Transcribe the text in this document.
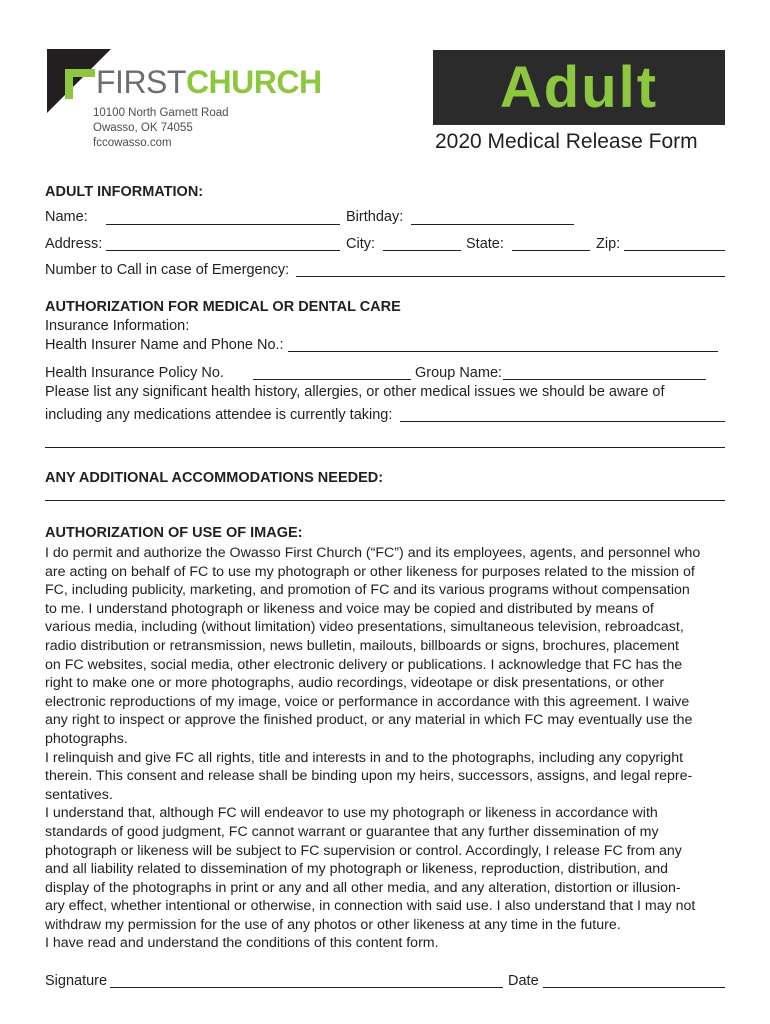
FIRSTCHURCH
10100 North Garnett Road
Owasso, OK 74055
fccowasso.com
Adult
2020 Medical Release Form
ADULT INFORMATION:
Name:	Birthday:
Address:	City:	State:	Zip:
Number to Call in case of Emergency:
AUTHORIZATION FOR MEDICAL OR DENTAL CARE
Insurance Information:
Health Insurer Name and Phone No.:
Health Insurance Policy No.	Group Name:
Please list any significant health history, allergies, or other medical issues we should be aware of
including any medications attendee is currently taking:
ANY ADDITIONAL ACCOMMODATIONS NEEDED:
AUTHORIZATION OF USE OF IMAGE:
I do permit and authorize the Owasso First Church (“FC”) and its employees, agents, and personnel who
are acting on behalf of FC to use my photograph or other likeness for purposes related to the mission of
FC, including publicity, marketing, and promotion of FC and its various programs without compensation
to me. I understand photograph or likeness and voice may be copied and distributed by means of
various media, including (without limitation) video presentations, simultaneous television, rebroadcast,
radio distribution or retransmission, news bulletin, mailouts, billboards or signs, brochures, placement
on FC websites, social media, other electronic delivery or publications. I acknowledge that FC has the
right to make one or more photographs, audio recordings, videotape or disk presentations, or other
electronic reproductions of my image, voice or performance in accordance with this agreement. I waive
any right to inspect or approve the finished product, or any material in which FC may eventually use the
photographs.
I relinquish and give FC all rights, title and interests in and to the photographs, including any copyright
therein. This consent and release shall be binding upon my heirs, successors, assigns, and legal repre-
sentatives.
I understand that, although FC will endeavor to use my photograph or likeness in accordance with
standards of good judgment, FC cannot warrant or guarantee that any further dissemination of my
photograph or likeness will be subject to FC supervision or control. Accordingly, I release FC from any
and all liability related to dissemination of my photograph or likeness, reproduction, distribution, and
display of the photographs in print or any and all other media, and any alteration, distortion or illusion-
ary effect, whether intentional or otherwise, in connection with said use. I also understand that I may not
withdraw my permission for the use of any photos or other likeness at any time in the future.
I have read and understand the conditions of this content form.
Signature	Date
